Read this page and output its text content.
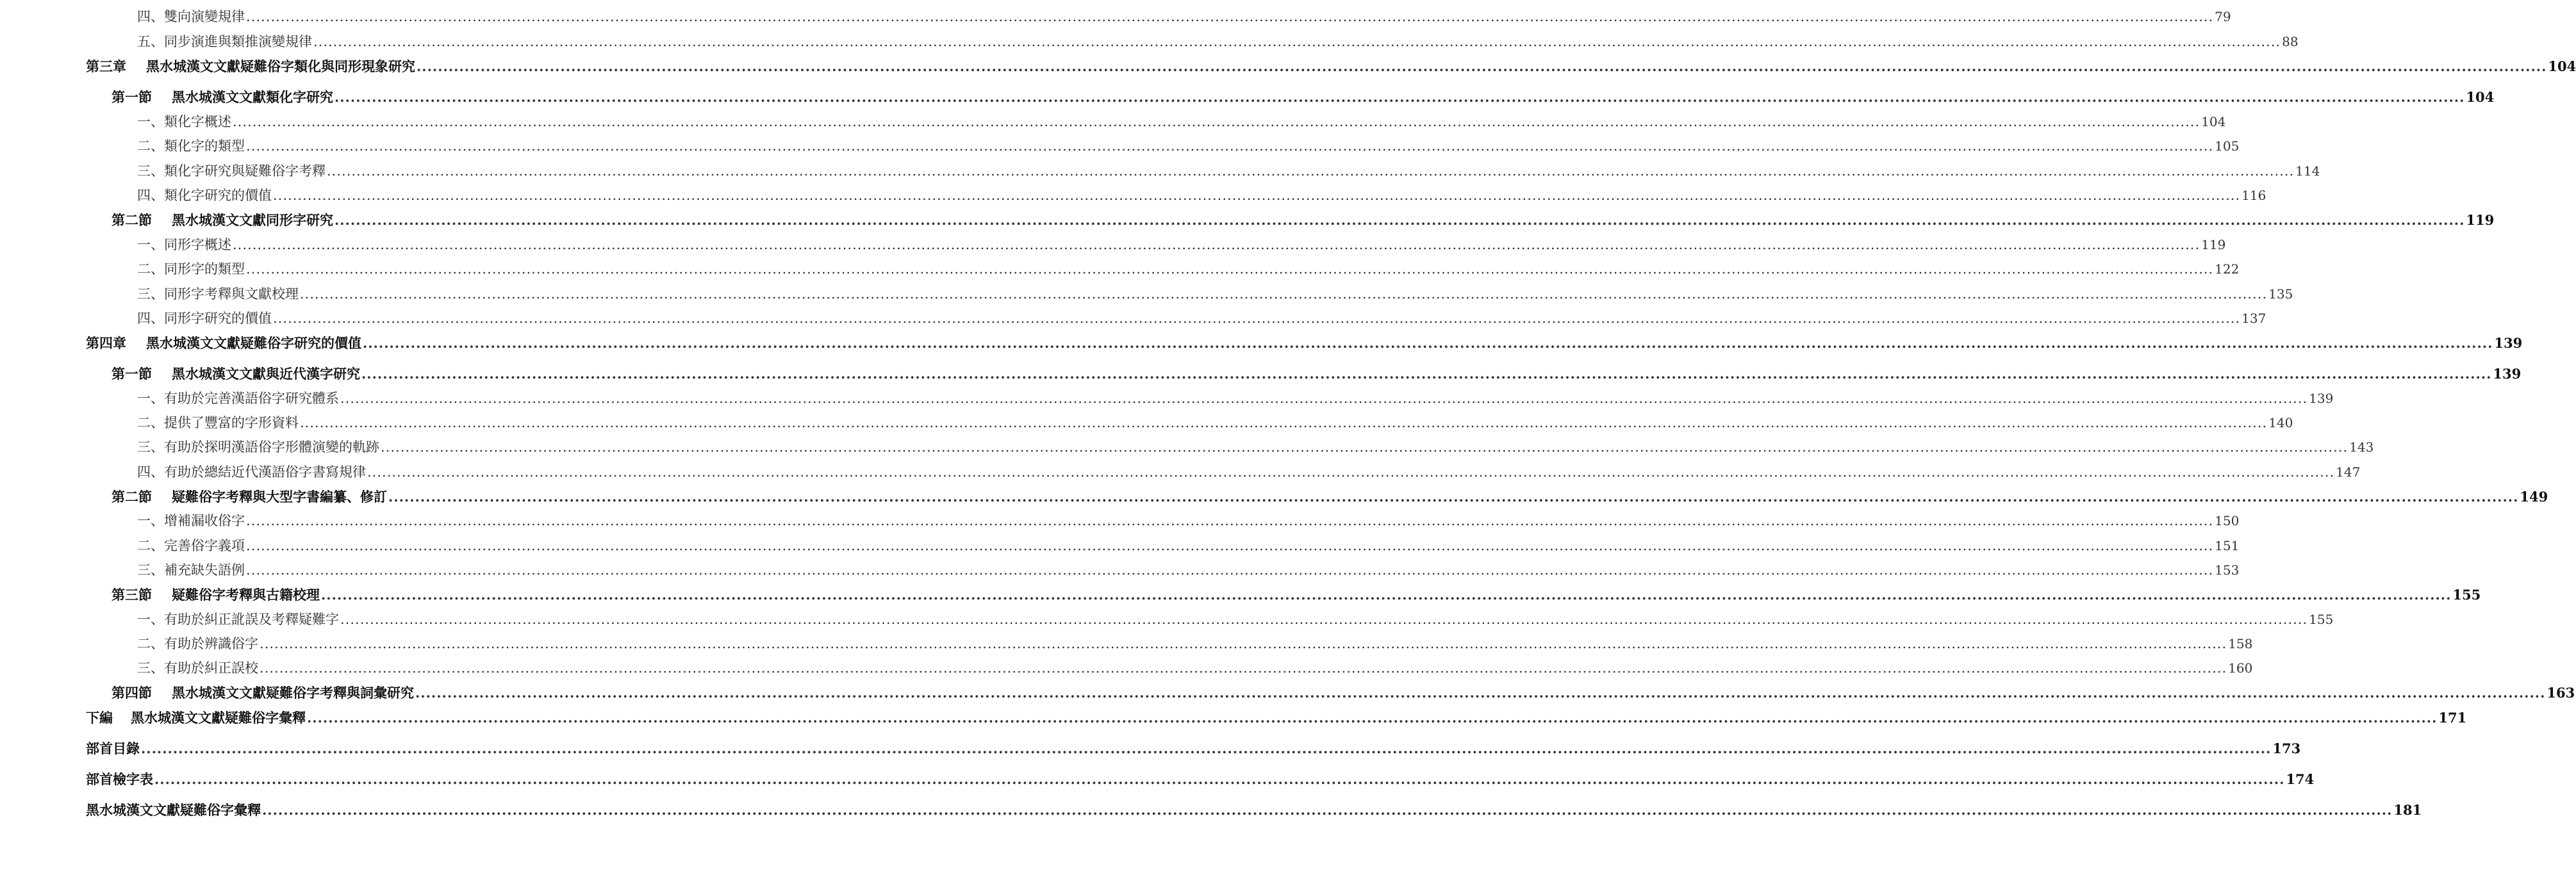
四、雙向演變規律 ................................................................................................................................................................................................................................................................................................................................................................................................................ 79
五、同步演進與類推演變規律 ................................................................................................................................................................................................................................................................................................................................................................................................................ 88
第三章 黑水城漢文文獻疑難俗字類化與同形現象研究 ................................................................................................................................................................................................................................................................................................................................................................................................................ 104
第一節 黑水城漢文文獻類化字研究 ................................................................................................................................................................................................................................................................................................................................................................................................................ 104
一、類化字概述 ................................................................................................................................................................................................................................................................................................................................................................................................................ 104
二、類化字的類型 ................................................................................................................................................................................................................................................................................................................................................................................................................ 105
三、類化字研究與疑難俗字考釋 ................................................................................................................................................................................................................................................................................................................................................................................................................ 114
四、類化字研究的價值 ................................................................................................................................................................................................................................................................................................................................................................................................................ 116
第二節 黑水城漢文文獻同形字研究 ................................................................................................................................................................................................................................................................................................................................................................................................................ 119
一、同形字概述 ................................................................................................................................................................................................................................................................................................................................................................................................................ 119
二、同形字的類型 ................................................................................................................................................................................................................................................................................................................................................................................................................ 122
三、同形字考釋與文獻校理 ................................................................................................................................................................................................................................................................................................................................................................................................................ 135
四、同形字研究的價值 ................................................................................................................................................................................................................................................................................................................................................................................................................ 137
第四章 黑水城漢文文獻疑難俗字研究的價值 ................................................................................................................................................................................................................................................................................................................................................................................................................ 139
第一節 黑水城漢文文獻與近代漢字研究 ................................................................................................................................................................................................................................................................................................................................................................................................................ 139
一、有助於完善漢語俗字研究體系 ................................................................................................................................................................................................................................................................................................................................................................................................................ 139
二、提供了豐富的字形資料 ................................................................................................................................................................................................................................................................................................................................................................................................................ 140
三、有助於探明漢語俗字形體演變的軌跡 ................................................................................................................................................................................................................................................................................................................................................................................................................ 143
四、有助於總結近代漢語俗字書寫規律 ................................................................................................................................................................................................................................................................................................................................................................................................................ 147
第二節 疑難俗字考釋與大型字書編纂、修訂 ................................................................................................................................................................................................................................................................................................................................................................................................................ 149
一、增補漏收俗字 ................................................................................................................................................................................................................................................................................................................................................................................................................ 150
二、完善俗字義項 ................................................................................................................................................................................................................................................................................................................................................................................................................ 151
三、補充缺失語例 ................................................................................................................................................................................................................................................................................................................................................................................................................ 153
第三節 疑難俗字考釋與古籍校理 ................................................................................................................................................................................................................................................................................................................................................................................................................ 155
一、有助於糾正訛誤及考釋疑難字 ................................................................................................................................................................................................................................................................................................................................................................................................................ 155
二、有助於辨識俗字 ................................................................................................................................................................................................................................................................................................................................................................................................................ 158
三、有助於糾正誤校 ................................................................................................................................................................................................................................................................................................................................................................................................................ 160
第四節 黑水城漢文文獻疑難俗字考釋與詞彙研究 ................................................................................................................................................................................................................................................................................................................................................................................................................ 163
下編 黑水城漢文文獻疑難俗字彙釋 ................................................................................................................................................................................................................................................................................................................................................................................................................ 171
部首目錄 ................................................................................................................................................................................................................................................................................................................................................................................................................ 173
部首檢字表 ................................................................................................................................................................................................................................................................................................................................................................................................................ 174
黑水城漢文文獻疑難俗字彙釋 ................................................................................................................................................................................................................................................................................................................................................................................................................ 181
